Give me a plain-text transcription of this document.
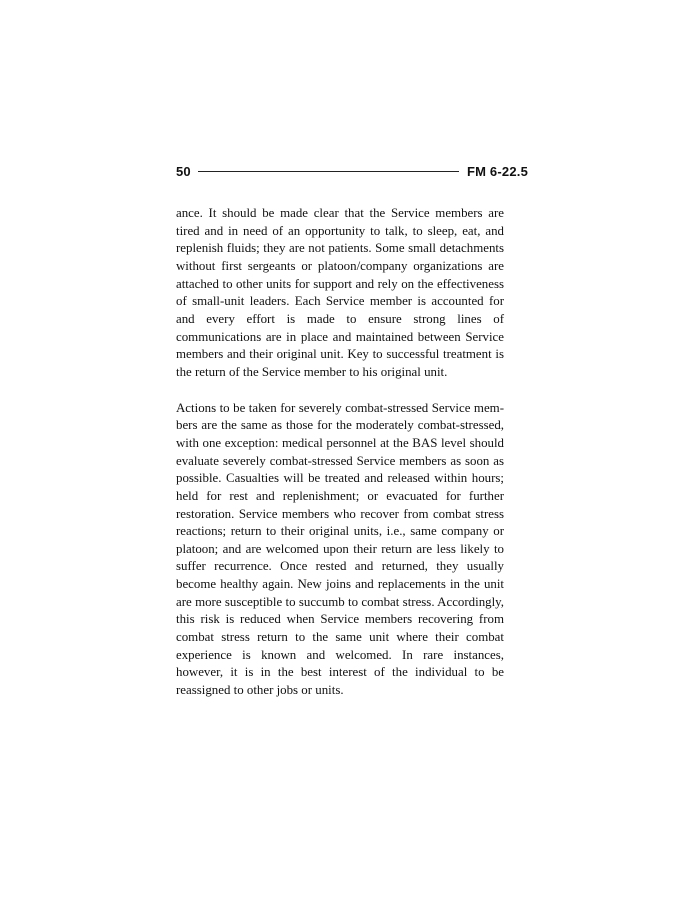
50	FM 6-22.5

ance. It should be made clear that the Service members are tired and in need of an opportunity to talk, to sleep, eat, and replenish fluids; they are not patients. Some small detachments without first sergeants or platoon/company organizations are attached to other units for support and rely on the effectiveness of small-unit leaders. Each Service member is accounted for and every effort is made to ensure strong lines of communications are in place and maintained between Service members and their original unit. Key to successful treatment is the return of the Service member to his original unit.

Actions to be taken for severely combat-stressed Service members are the same as those for the moderately combat-stressed, with one exception: medical personnel at the BAS level should evaluate severely combat-stressed Service members as soon as possible. Casualties will be treated and released within hours; held for rest and replenishment; or evacuated for further restoration. Service members who recover from combat stress reactions; return to their original units, i.e., same company or platoon; and are welcomed upon their return are less likely to suffer recurrence. Once rested and returned, they usually become healthy again. New joins and replacements in the unit are more susceptible to succumb to combat stress. Accordingly, this risk is reduced when Service members recovering from combat stress return to the same unit where their combat experience is known and welcomed. In rare instances, however, it is in the best interest of the individual to be reassigned to other jobs or units.
